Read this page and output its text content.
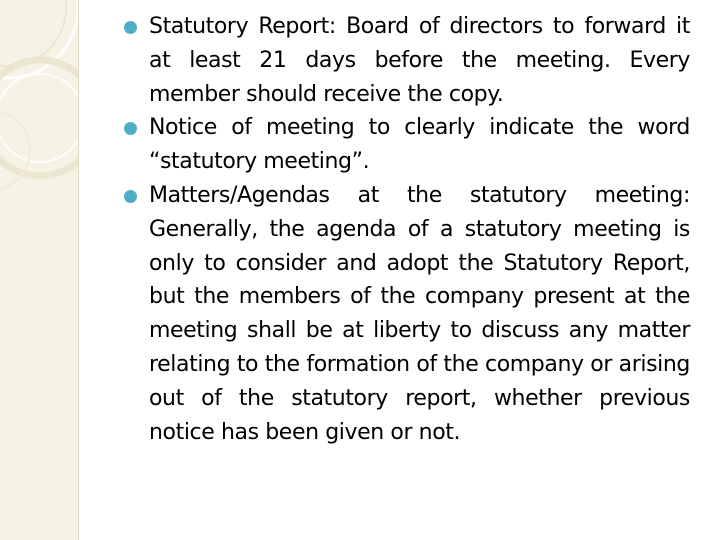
Statutory Report: Board of directors to forward it at least 21 days before the meeting. Every member should receive the copy.
Notice of meeting to clearly indicate the word “statutory meeting”.
Matters/Agendas at the statutory meeting: Generally, the agenda of a statutory meeting is only to consider and adopt the Statutory Report, but the members of the company present at the meeting shall be at liberty to discuss any matter relating to the formation of the company or arising out of the statutory report, whether previous notice has been given or not.
